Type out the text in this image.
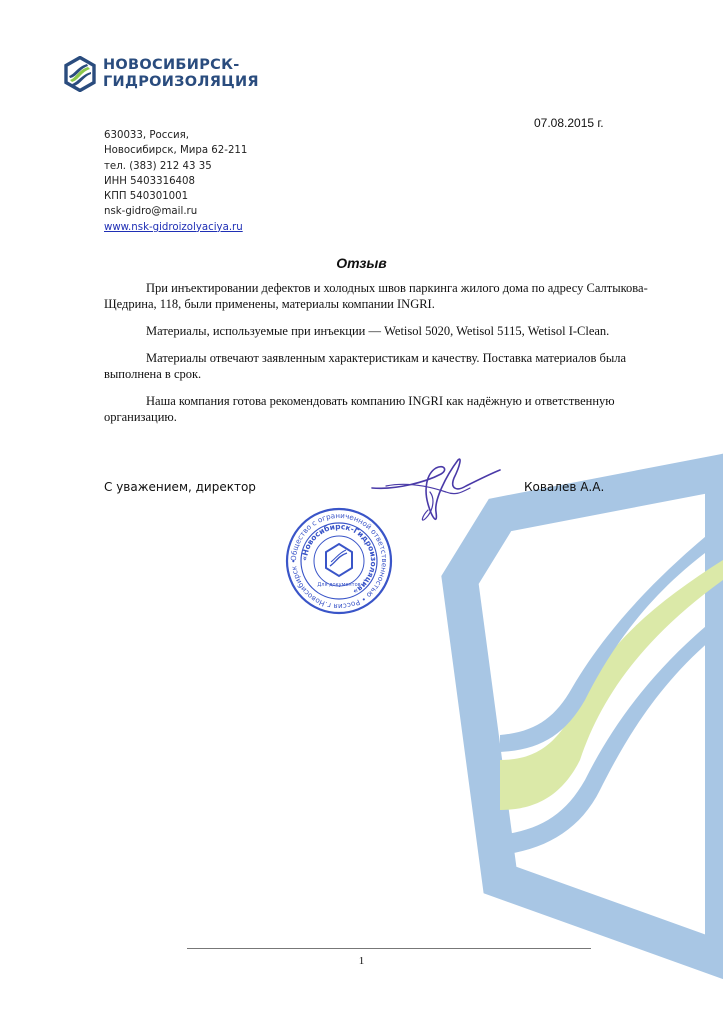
НОВОСИБИРСК-
ГИДРОИЗОЛЯЦИЯ
07.08.2015 г.
630033, Россия,
Новосибирск, Мира 62-211
тел. (383) 212 43 35
ИНН 5403316408
КПП 540301001
nsk-gidro@mail.ru
www.nsk-gidroizolyaciya.ru
Отзыв

При инъектировании дефектов и холодных швов паркинга жилого дома по адресу Салтыкова-Щедрина, 118, были применены, материалы компании INGRI.

Материалы, используемые при инъекции — Wetisol 5020, Wetisol 5115, Wetisol I-Clean.

Материалы отвечают заявленным характеристикам и качеству. Поставка материалов была выполнена в срок.

Наша компания готова рекомендовать компанию INGRI как надёжную и ответственную организацию.

С уважением, директор	Ковалев А.А.
Общество с ограниченной ответственностью • Россия г.Новосибирск •
«Новосибирск-Гидроизоляция»
Для документов
1
